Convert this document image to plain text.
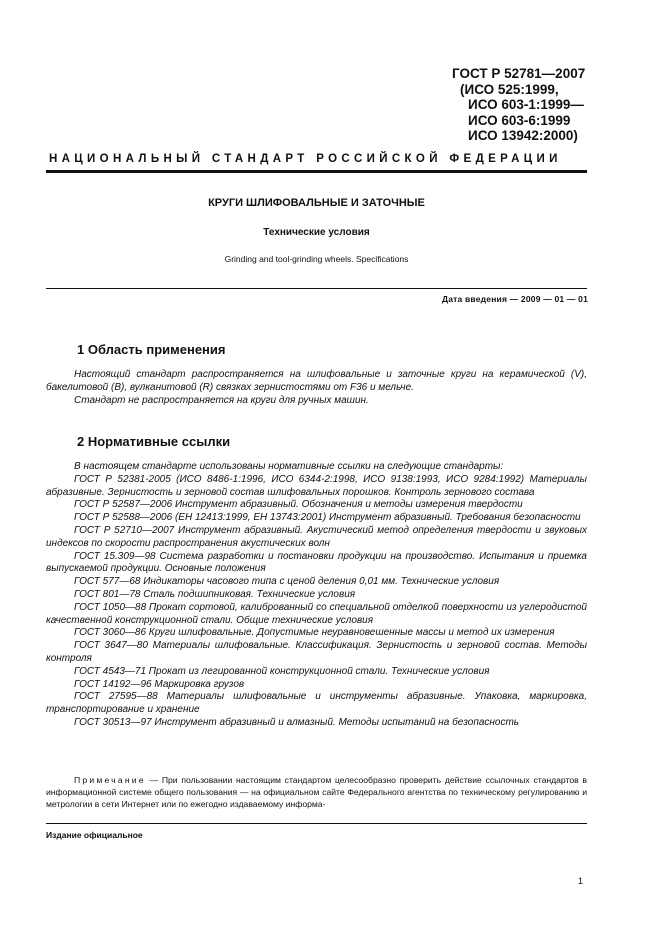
ГОСТ Р 52781—2007
(ИСО 525:1999,
ИСО 603-1:1999—
ИСО 603-6:1999
ИСО 13942:2000)
НАЦИОНАЛЬНЫЙ СТАНДАРТ РОССИЙСКОЙ ФЕДЕРАЦИИ
КРУГИ ШЛИФОВАЛЬНЫЕ И ЗАТОЧНЫЕ
Технические условия
Grinding and tool-grinding wheels. Specifications
Дата введения — 2009 — 01 — 01
1 Область применения

Настоящий стандарт распространяется на шлифовальные и заточные круги на керамической (V), бакелитовой (B), вулканитовой (R) связках зернистостями от F36 и мельче.

Стандарт не распространяется на круги для ручных машин.

2 Нормативные ссылки

В настоящем стандарте использованы нормативные ссылки на следующие стандарты:

ГОСТ Р 52381-2005 (ИСО 8486-1:1996, ИСО 6344-2:1998, ИСО 9138:1993, ИСО 9284:1992) Материалы абразивные. Зернистость и зерновой состав шлифовальных порошков. Контроль зернового состава

ГОСТ Р 52587—2006 Инструмент абразивный. Обозначения и методы измерения твердости

ГОСТ Р 52588—2006 (ЕН 12413:1999, ЕН 13743:2001) Инструмент абразивный. Требования безопасности

ГОСТ Р 52710—2007 Инструмент абразивный. Акустический метод определения твердости и звуковых индексов по скорости распространения акустических волн

ГОСТ 15.309—98 Система разработки и постановки продукции на производство. Испытания и приемка выпускаемой продукции. Основные положения

ГОСТ 577—68 Индикаторы часового типа с ценой деления 0,01 мм. Технические условия

ГОСТ 801—78 Сталь подшипниковая. Технические условия

ГОСТ 1050—88 Прокат сортовой, калиброванный со специальной отделкой поверхности из углеродистой качественной конструкционной стали. Общие технические условия

ГОСТ 3060—86 Круги шлифовальные. Допустимые неуравновешенные массы и метод их измерения

ГОСТ 3647—80 Материалы шлифовальные. Классификация. Зернистость и зерновой состав. Методы контроля

ГОСТ 4543—71 Прокат из легированной конструкционной стали. Технические условия

ГОСТ 14192—96 Маркировка грузов

ГОСТ 27595—88 Материалы шлифовальные и инструменты абразивные. Упаковка, маркировка, транспортирование и хранение

ГОСТ 30513—97 Инструмент абразивный и алмазный. Методы испытаний на безопасность

Примечание — При пользовании настоящим стандартом целесообразно проверить действие ссылочных стандартов в информационной системе общего пользования — на официальном сайте Федерального агентства по техническому регулированию и метрологии в сети Интернет или по ежегодно издаваемому информа-

Издание официальное
1
